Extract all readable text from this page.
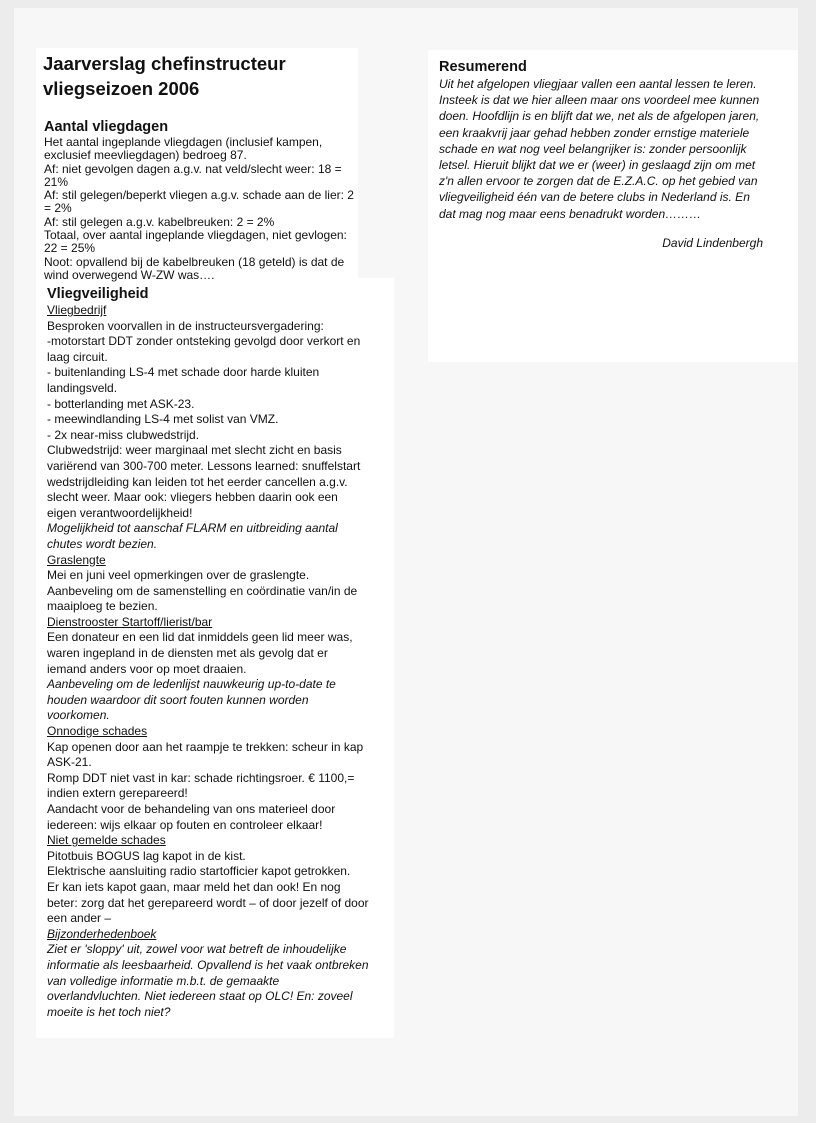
Jaarverslag chefinstructeur vliegseizoen 2006
Aantal vliegdagen

Het aantal ingeplande vliegdagen (inclusief kampen, exclusief meevliegdagen) bedroeg 87.

Af: niet gevolgen dagen a.g.v. nat veld/slecht weer: 18 = 21%

Af: stil gelegen/beperkt vliegen a.g.v. schade aan de lier: 2 = 2%

Af: stil gelegen a.g.v. kabelbreuken: 2 = 2%

Totaal, over aantal ingeplande vliegdagen, niet gevlogen: 22 = 25%

Noot: opvallend bij de kabelbreuken (18 geteld) is dat de wind overwegend W-ZW was….

Vliegveiligheid

Vliegbedrijf

Besproken voorvallen in de instructeursvergadering:

-motorstart DDT zonder ontsteking gevolgd door verkort en laag circuit.

- buitenlanding LS-4 met schade door harde kluiten landingsveld.

- botterlanding met ASK-23.

- meewindlanding LS-4 met solist van VMZ.

- 2x near-miss clubwedstrijd.

Clubwedstrijd: weer marginaal met slecht zicht en basis variërend van 300-700 meter. Lessons learned: snuffelstart wedstrijdleiding kan leiden tot het eerder cancellen a.g.v. slecht weer. Maar ook: vliegers hebben daarin ook een eigen verantwoordelijkheid!

Mogelijkheid tot aanschaf FLARM en uitbreiding aantal chutes wordt bezien.

Graslengte

Mei en juni veel opmerkingen over de graslengte.

Aanbeveling om de samenstelling en coördinatie van/in de maaiploeg te bezien.

Dienstrooster Startoff/lierist/bar

Een donateur en een lid dat inmiddels geen lid meer was, waren ingepland in de diensten met als gevolg dat er iemand anders voor op moet draaien.

Aanbeveling om de ledenlijst nauwkeurig up-to-date te houden waardoor dit soort fouten kunnen worden voorkomen.

Onnodige schades

Kap openen door aan het raampje te trekken: scheur in kap ASK-21.

Romp DDT niet vast in kar: schade richtingsroer. € 1100,= indien extern gerepareerd!

Aandacht voor de behandeling van ons materieel door iedereen: wijs elkaar op fouten en controleer elkaar!

Niet gemelde schades

Pitotbuis BOGUS lag kapot in de kist.

Elektrische aansluiting radio startofficier kapot getrokken.

Er kan iets kapot gaan, maar meld het dan ook! En nog beter: zorg dat het gerepareerd wordt – of door jezelf of door een ander –

Bijzonderhedenboek

Ziet er 'sloppy' uit, zowel voor wat betreft de inhoudelijke informatie als leesbaarheid. Opvallend is het vaak ontbreken van volledige informatie m.b.t. de gemaakte overlandvluchten. Niet iedereen staat op OLC! En: zoveel moeite is het toch niet?

Resumerend

Uit het afgelopen vliegjaar vallen een aantal lessen te leren. Insteek is dat we hier alleen maar ons voordeel mee kunnen doen. Hoofdlijn is en blijft dat we, net als de afgelopen jaren, een kraakvrij jaar gehad hebben zonder ernstige materiele schade en wat nog veel belangrijker is: zonder persoonlijk letsel. Hieruit blijkt dat we er (weer) in geslaagd zijn om met z'n allen ervoor te zorgen dat de E.Z.A.C. op het gebied van vliegveiligheid één van de betere clubs in Nederland is. En dat mag nog maar eens benadrukt worden………

David Lindenbergh
